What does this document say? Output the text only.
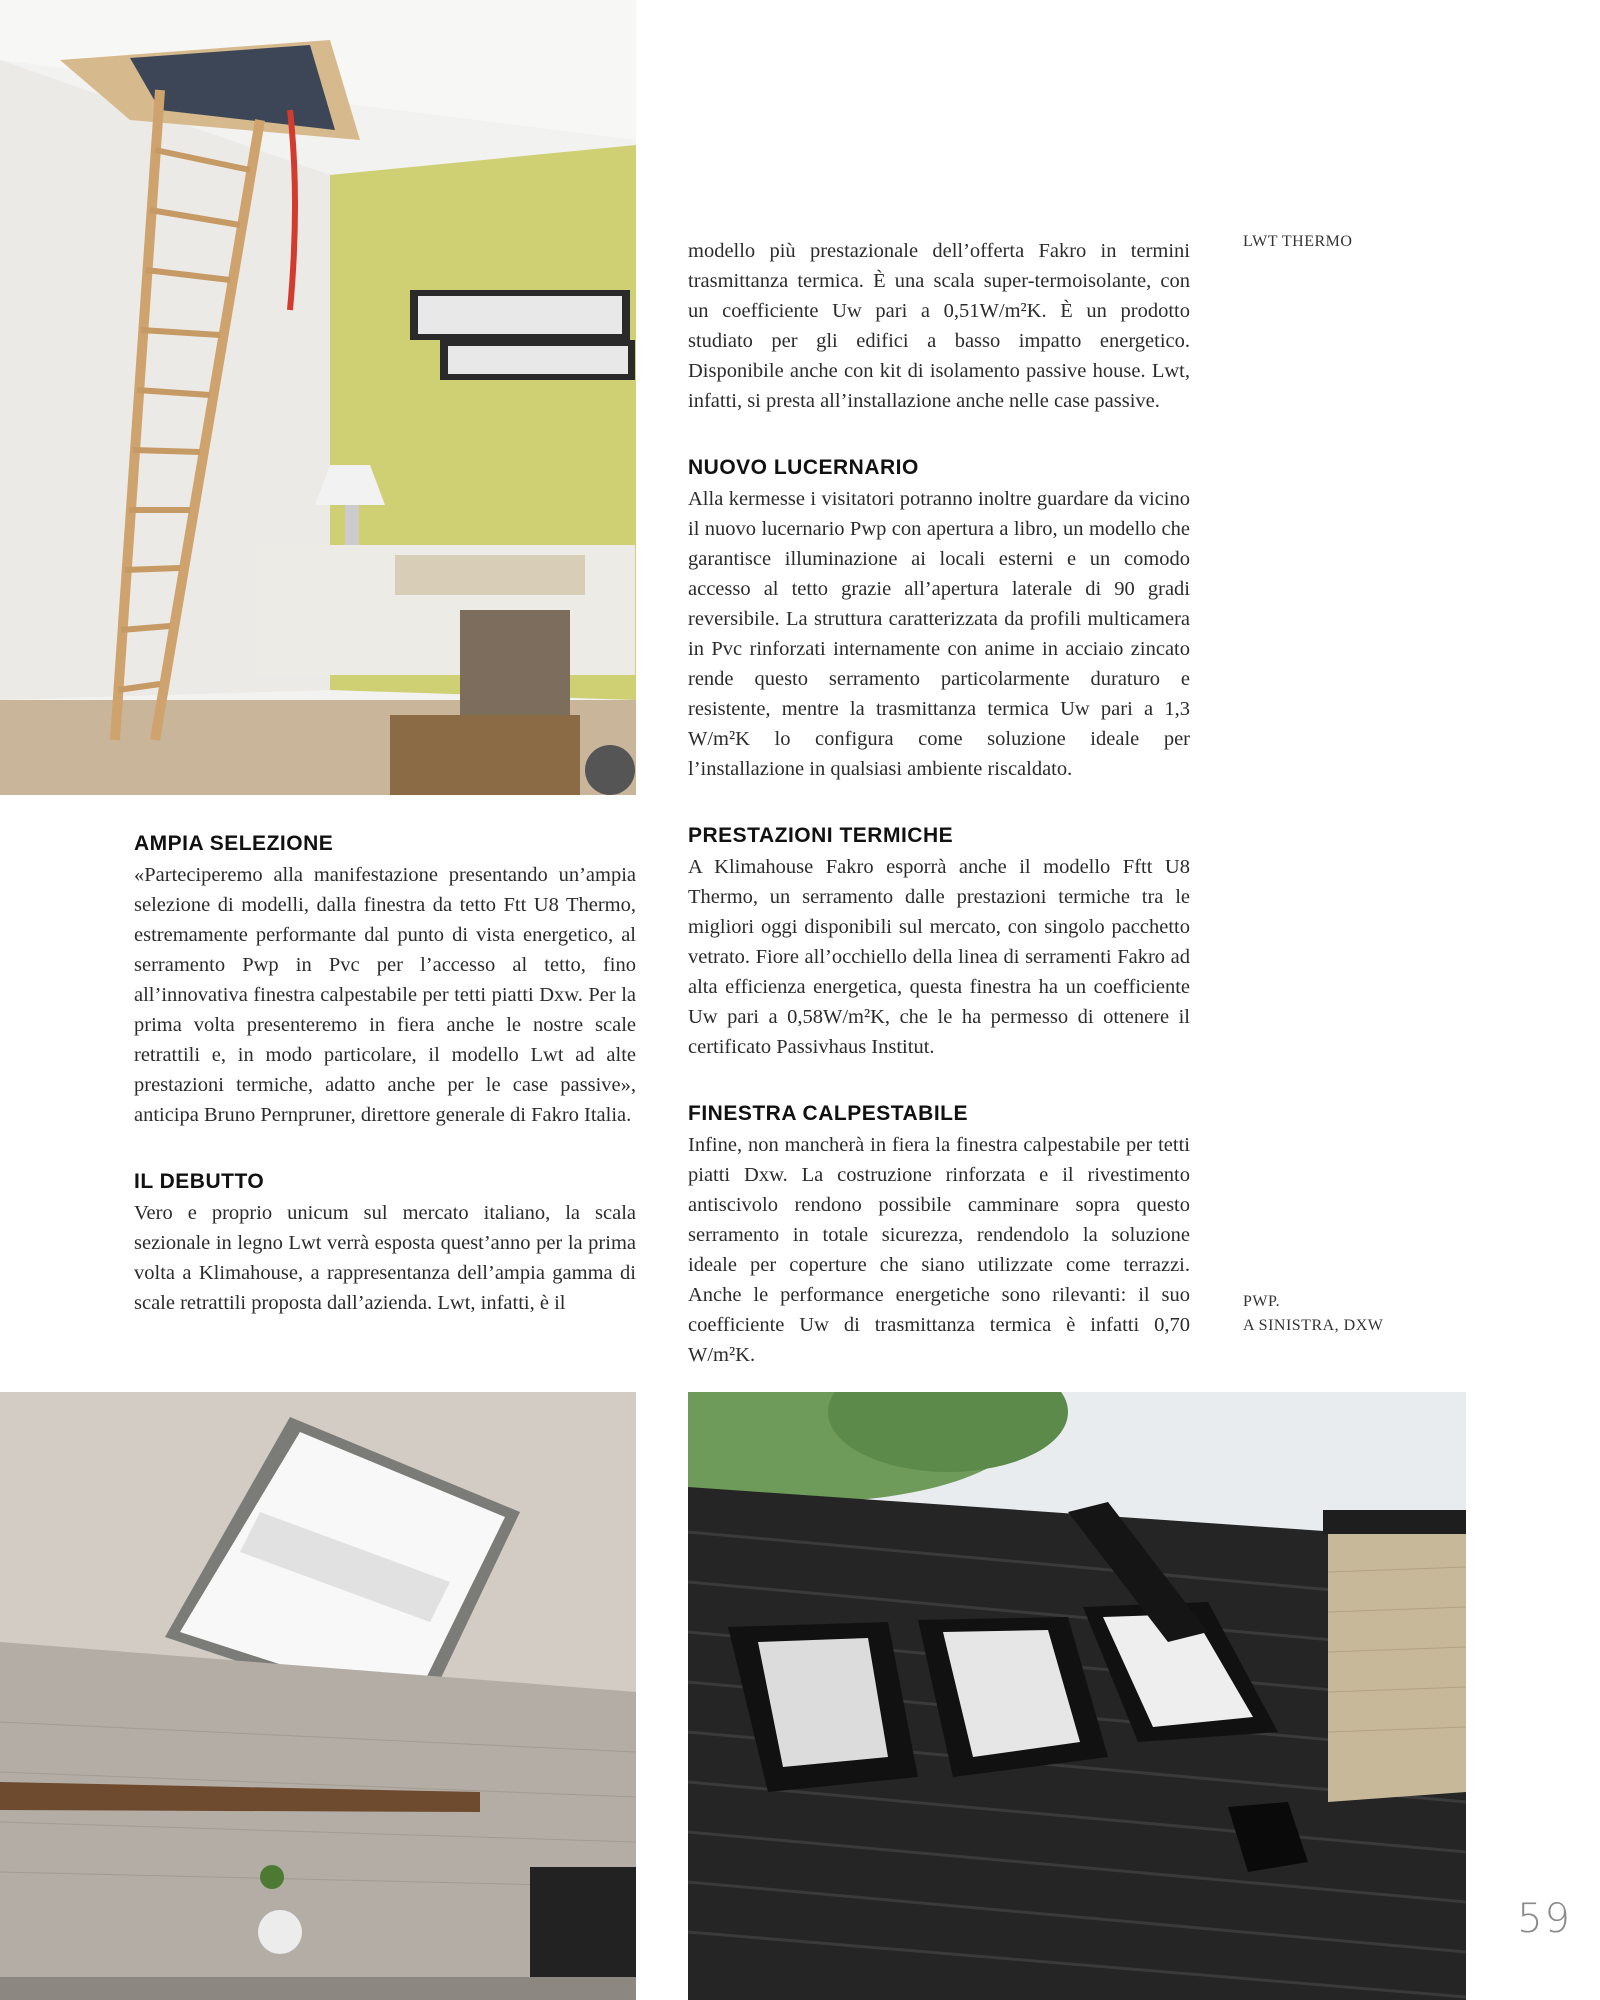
LWT THERMO

modello più prestazionale dell’offerta Fakro in termini trasmittanza termica. È una scala super-termoisolante, con un coefficiente Uw pari a 0,51W/m²K. È un prodotto studiato per gli edifici a basso impatto energetico. Disponibile anche con kit di isolamento passive house. Lwt, infatti, si presta all’installazione anche nelle case passive.

NUOVO LUCERNARIO

Alla kermesse i visitatori potranno inoltre guardare da vicino il nuovo lucernario Pwp con apertura a libro, un modello che garantisce illuminazione ai locali esterni e un comodo accesso al tetto grazie all’apertura laterale di 90 gradi reversibile. La struttura caratterizzata da profili multicamera in Pvc rinforzati internamente con anime in acciaio zincato rende questo serramento particolarmente duraturo e resistente, mentre la trasmittanza termica Uw pari a 1,3 W/m²K lo configura come soluzione ideale per l’installazione in qualsiasi ambiente riscaldato.

PRESTAZIONI TERMICHE

A Klimahouse Fakro esporrà anche il modello Fftt U8 Thermo, un serramento dalle prestazioni termiche tra le migliori oggi disponibili sul mercato, con singolo pacchetto vetrato. Fiore all’occhiello della linea di serramenti Fakro ad alta efficienza energetica, questa finestra ha un coefficiente Uw pari a 0,58W/m²K, che le ha permesso di ottenere il certificato Passivhaus Institut.

FINESTRA CALPESTABILE

Infine, non mancherà in fiera la finestra calpestabile per tetti piatti Dxw. La costruzione rinforzata e il rivestimento antiscivolo rendono possibile camminare sopra questo serramento in totale sicurezza, rendendolo la soluzione ideale per coperture che siano utilizzate come terrazzi. Anche le performance energetiche sono rilevanti: il suo coefficiente Uw di trasmittanza termica è infatti 0,70 W/m²K.

AMPIA SELEZIONE

«Parteciperemo alla manifestazione presentando un’ampia selezione di modelli, dalla finestra da tetto Ftt U8 Thermo, estremamente performante dal punto di vista energetico, al serramento Pwp in Pvc per l’accesso al tetto, fino all’innovativa finestra calpestabile per tetti piatti Dxw. Per la prima volta presenteremo in fiera anche le nostre scale retrattili e, in modo particolare, il modello Lwt ad alte prestazioni termiche, adatto anche per le case passive», anticipa Bruno Pernpruner, direttore generale di Fakro Italia.

IL DEBUTTO

Vero e proprio unicum sul mercato italiano, la scala sezionale in legno Lwt verrà esposta quest’anno per la prima volta a Klimahouse, a rappresentanza dell’ampia gamma di scale retrattili proposta dall’azienda. Lwt, infatti, è il	PWP.
A SINISTRA, DXW
59
